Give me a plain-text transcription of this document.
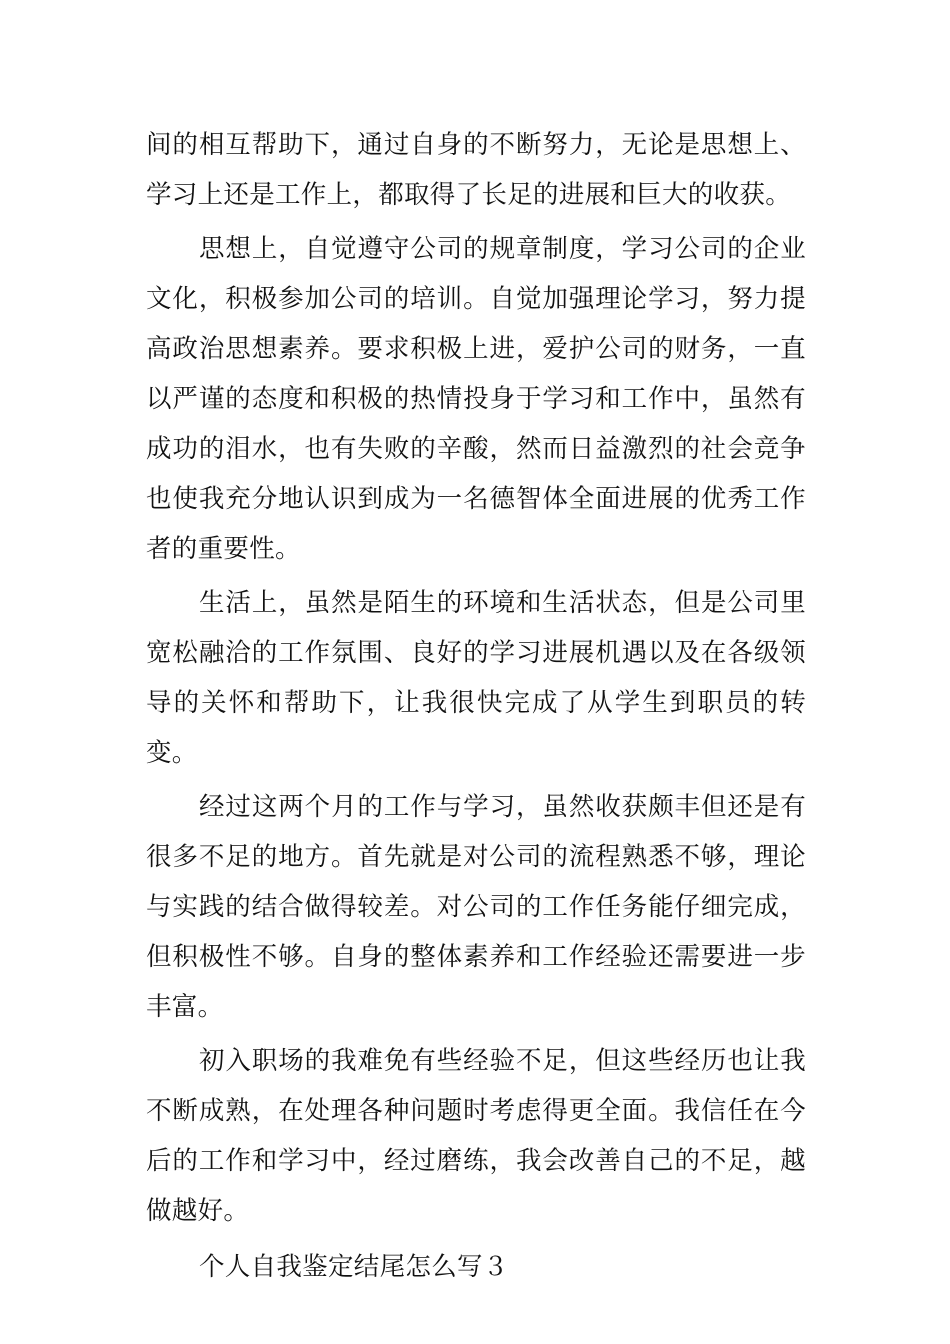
间的相互帮助下，通过自身的不断努力，无论是思想上、学习上还是工作上，都取得了长足的进展和巨大的收获。

思想上，自觉遵守公司的规章制度，学习公司的企业文化，积极参加公司的培训。自觉加强理论学习，努力提高政治思想素养。要求积极上进，爱护公司的财务，一直以严谨的态度和积极的热情投身于学习和工作中，虽然有成功的泪水，也有失败的辛酸，然而日益激烈的社会竞争也使我充分地认识到成为一名德智体全面进展的优秀工作者的重要性。

生活上，虽然是陌生的环境和生活状态，但是公司里宽松融洽的工作氛围、良好的学习进展机遇以及在各级领导的关怀和帮助下，让我很快完成了从学生到职员的转变。

经过这两个月的工作与学习，虽然收获颇丰但还是有很多不足的地方。首先就是对公司的流程熟悉不够，理论与实践的结合做得较差。对公司的工作任务能仔细完成，但积极性不够。自身的整体素养和工作经验还需要进一步丰富。

初入职场的我难免有些经验不足，但这些经历也让我不断成熟，在处理各种问题时考虑得更全面。我信任在今后的工作和学习中，经过磨练，我会改善自己的不足，越做越好。

个人自我鉴定结尾怎么写３
